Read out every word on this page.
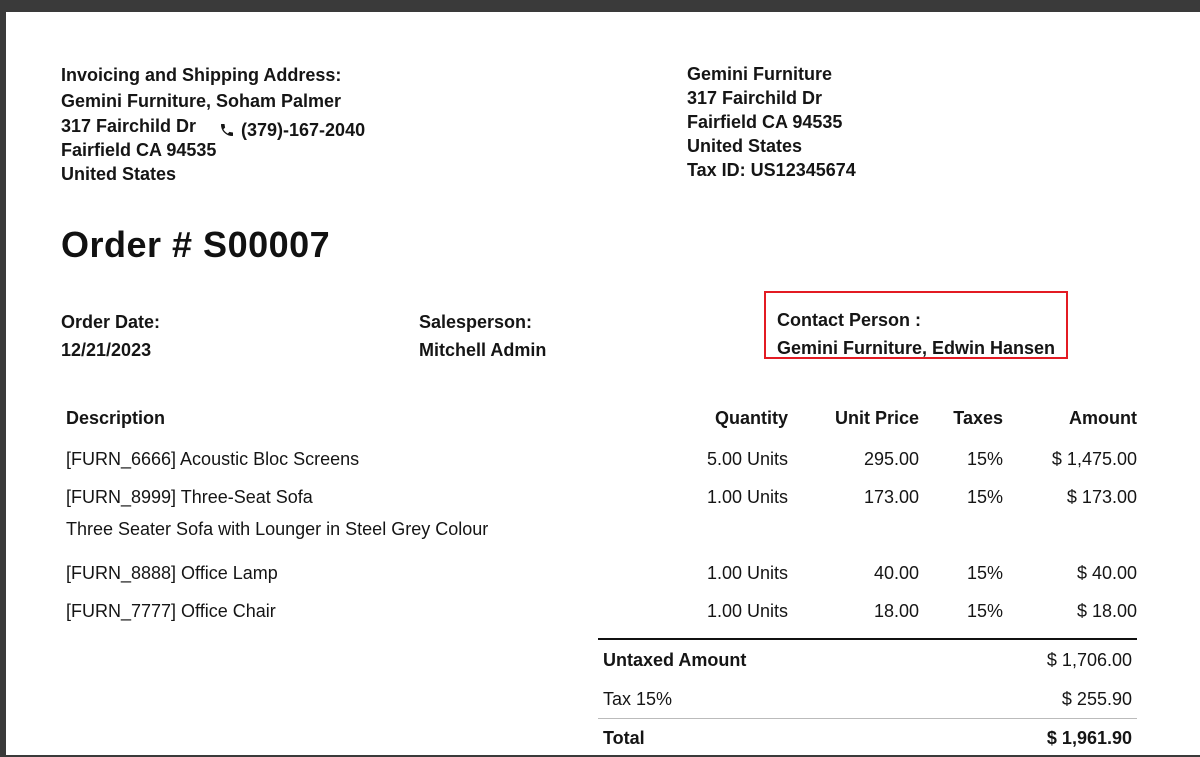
Invoicing and Shipping Address:
Gemini Furniture, Soham Palmer
317 Fairchild Dr
Fairfield CA 94535
United States
(379)-167-2040
Gemini Furniture
317 Fairchild Dr
Fairfield CA 94535
United States
Tax ID: US12345674
Order # S00007
Order Date:
12/21/2023
Salesperson:
Mitchell Admin
Contact Person :
Gemini Furniture, Edwin Hansen
Description	Quantity	Unit Price	Taxes	Amount
[FURN_6666] Acoustic Bloc Screens	5.00 Units	295.00	15%	$ 1,475.00
[FURN_8999] Three-Seat Sofa	1.00 Units	173.00	15%	$ 173.00
Three Seater Sofa with Lounger in Steel Grey Colour				
[FURN_8888] Office Lamp	1.00 Units	40.00	15%	$ 40.00
[FURN_7777] Office Chair	1.00 Units	18.00	15%	$ 18.00
Untaxed Amount	$ 1,706.00
Tax 15%	$ 255.90
Total	$ 1,961.90
